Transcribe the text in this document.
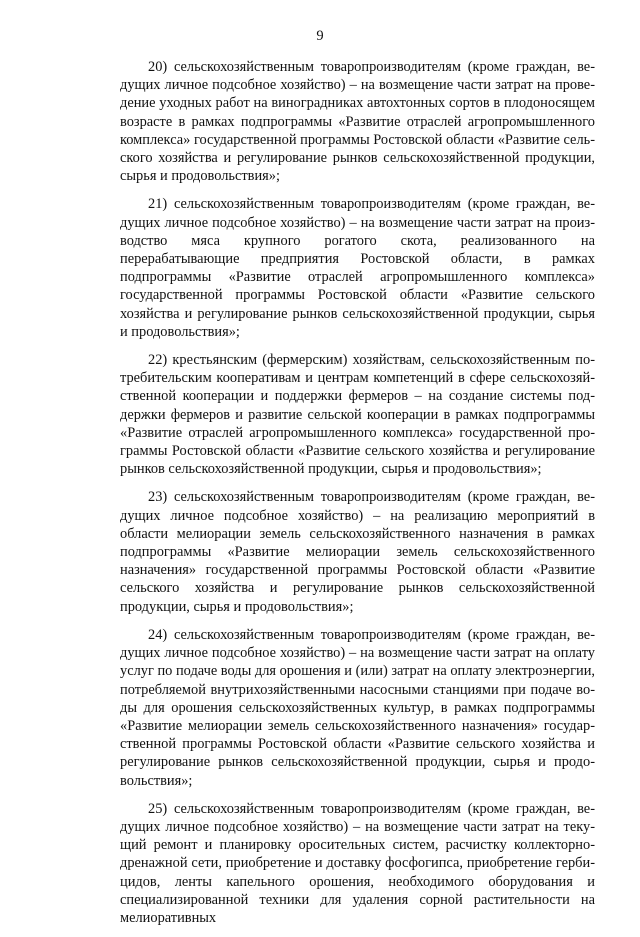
9

20) сельскохозяйственным товаропроизводителям (кроме граждан, ведущих личное подсобное хозяйство) – на возмещение части затрат на проведение уходных работ на виноградниках автохтонных сортов в плодоносящем возрасте в рамках подпрограммы «Развитие отраслей агропромышленного комплекса» государственной программы Ростовской области «Развитие сельского хозяйства и регулирование рынков сельскохозяйственной продукции, сырья и продовольствия»;

21) сельскохозяйственным товаропроизводителям (кроме граждан, ведущих личное подсобное хозяйство) – на возмещение части затрат на производство мяса крупного рогатого скота, реализованного на перерабатывающие предприятия Ростовской области, в рамках подпрограммы «Развитие отраслей агропромышленного комплекса» государственной программы Ростовской области «Развитие сельского хозяйства и регулирование рынков сельскохозяйственной продукции, сырья и продовольствия»;

22) крестьянским (фермерским) хозяйствам, сельскохозяйственным потребительским кооперативам и центрам компетенций в сфере сельскохозяйственной кооперации и поддержки фермеров – на создание системы поддержки фермеров и развитие сельской кооперации в рамках подпрограммы «Развитие отраслей агропромышленного комплекса» государственной программы Ростовской области «Развитие сельского хозяйства и регулирование рынков сельскохозяйственной продукции, сырья и продовольствия»;

23) сельскохозяйственным товаропроизводителям (кроме граждан, ведущих личное подсобное хозяйство) – на реализацию мероприятий в области мелиорации земель сельскохозяйственного назначения в рамках подпрограммы «Развитие мелиорации земель сельскохозяйственного назначения» государственной программы Ростовской области «Развитие сельского хозяйства и регулирование рынков сельскохозяйственной продукции, сырья и продовольствия»;

24) сельскохозяйственным товаропроизводителям (кроме граждан, ведущих личное подсобное хозяйство) – на возмещение части затрат на оплату услуг по подаче воды для орошения и (или) затрат на оплату электроэнергии, потребляемой внутрихозяйственными насосными станциями при подаче воды для орошения сельскохозяйственных культур, в рамках подпрограммы «Развитие мелиорации земель сельскохозяйственного назначения» государственной программы Ростовской области «Развитие сельского хозяйства и регулирование рынков сельскохозяйственной продукции, сырья и продовольствия»;

25) сельскохозяйственным товаропроизводителям (кроме граждан, ведущих личное подсобное хозяйство) – на возмещение части затрат на текущий ремонт и планировку оросительных систем, расчистку коллекторно-дренажной сети, приобретение и доставку фосфогипса, приобретение гербицидов, ленты капельного орошения, необходимого оборудования и специализированной техники для удаления сорной растительности на мелиоративных
